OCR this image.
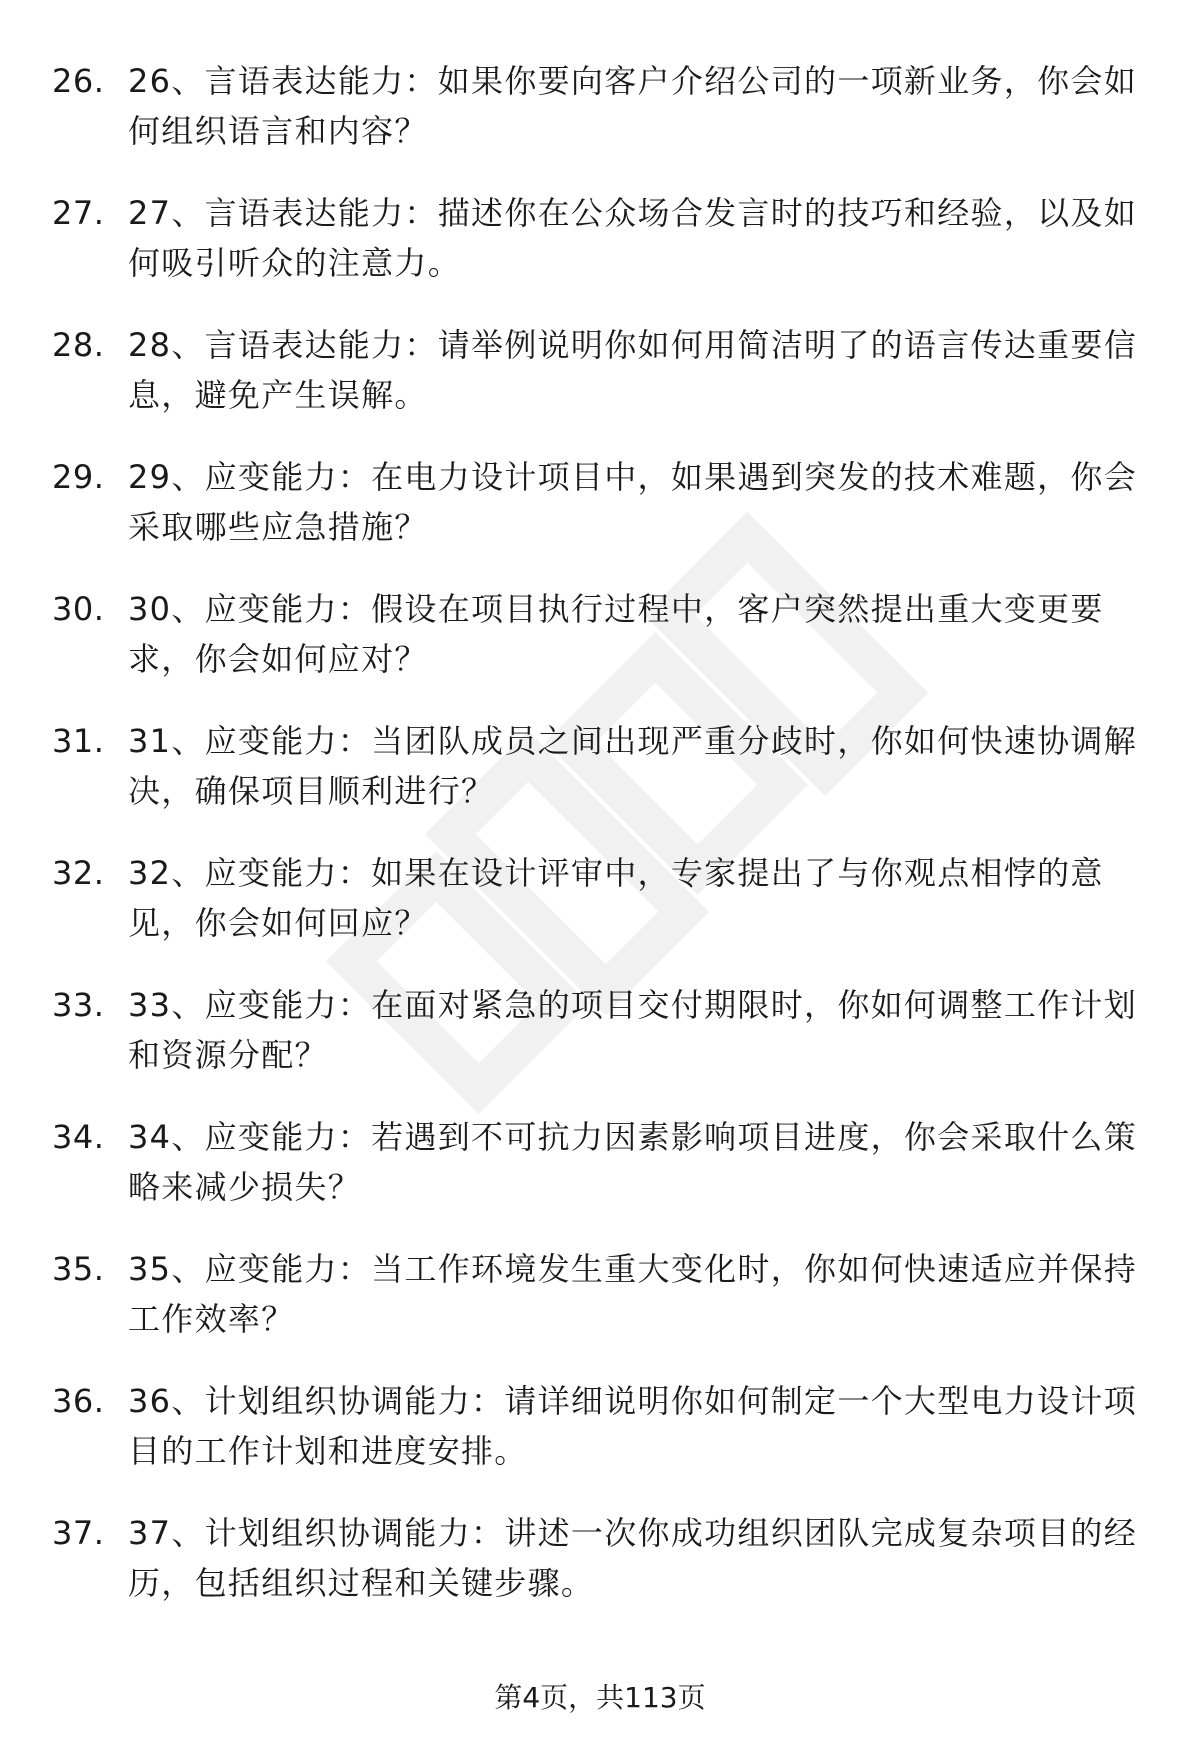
26. 26、言语表达能力：如果你要向客户介绍公司的一项新业务，你会如何组织语言和内容？
27. 27、言语表达能力：描述你在公众场合发言时的技巧和经验，以及如何吸引听众的注意力。
28. 28、言语表达能力：请举例说明你如何用简洁明了的语言传达重要信息，避免产生误解。
29. 29、应变能力：在电力设计项目中，如果遇到突发的技术难题，你会采取哪些应急措施？
30. 30、应变能力：假设在项目执行过程中，客户突然提出重大变更要求，你会如何应对？
31. 31、应变能力：当团队成员之间出现严重分歧时，你如何快速协调解决，确保项目顺利进行？
32. 32、应变能力：如果在设计评审中，专家提出了与你观点相悖的意见，你会如何回应？
33. 33、应变能力：在面对紧急的项目交付期限时，你如何调整工作计划和资源分配？
34. 34、应变能力：若遇到不可抗力因素影响项目进度，你会采取什么策略来减少损失？
35. 35、应变能力：当工作环境发生重大变化时，你如何快速适应并保持工作效率？
36. 36、计划组织协调能力：请详细说明你如何制定一个大型电力设计项目的工作计划和进度安排。
37. 37、计划组织协调能力：讲述一次你成功组织团队完成复杂项目的经历，包括组织过程和关键步骤。
第4页，共113页
